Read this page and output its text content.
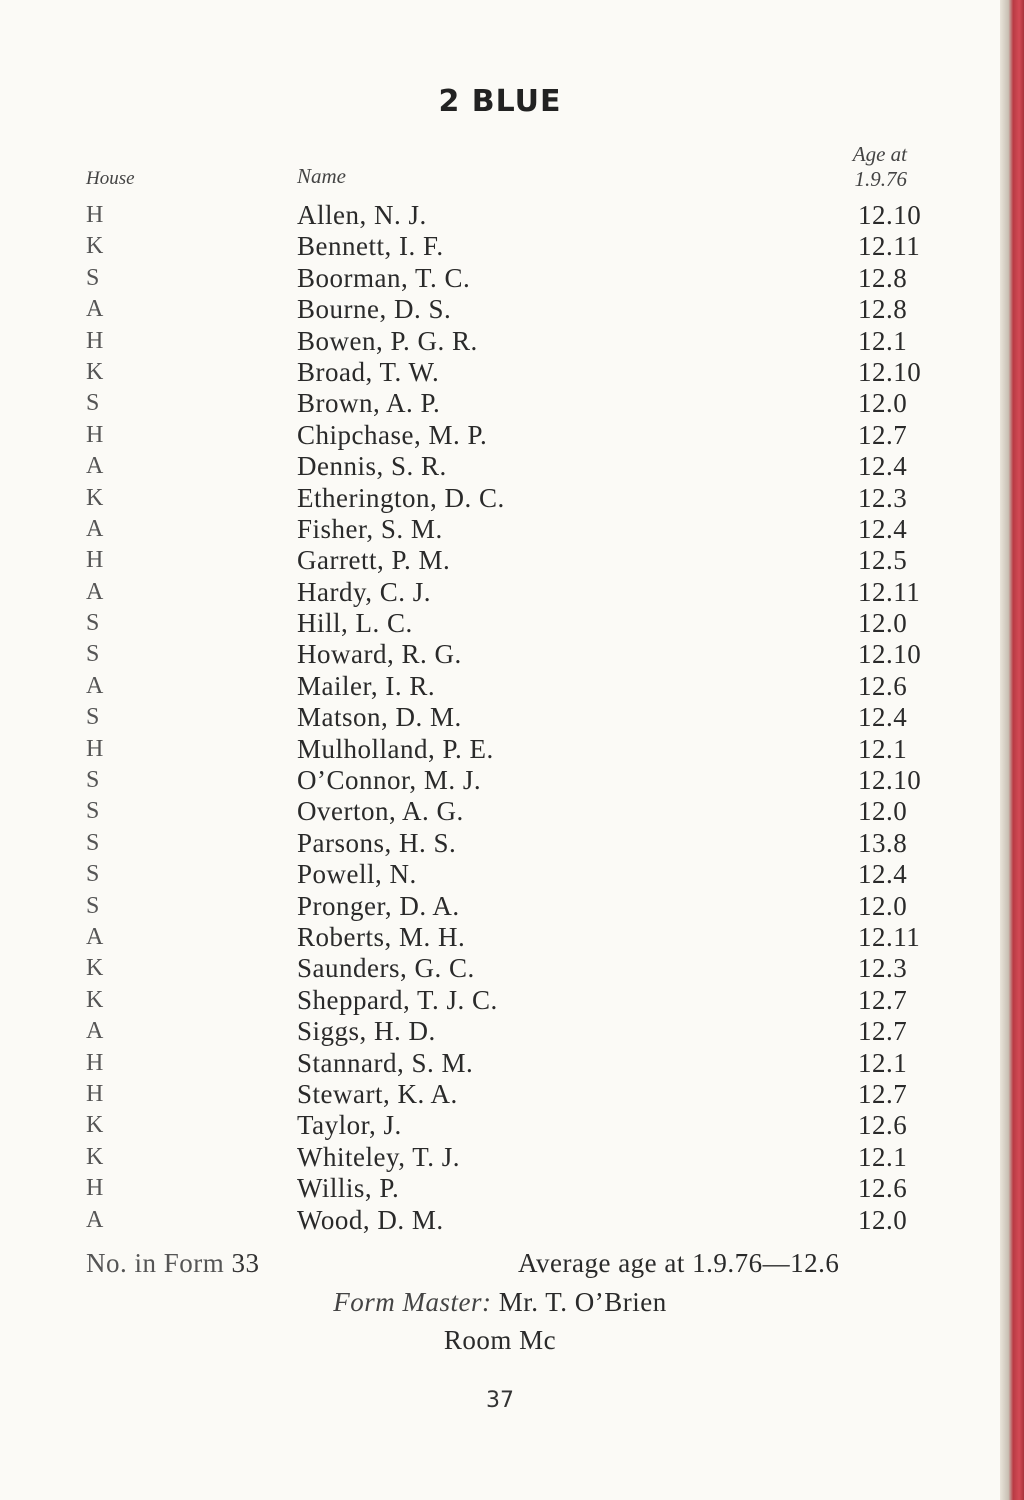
2 BLUE
House	Name
Age at
1.9.76
H	Allen, N. J.	12.10
K	Bennett, I. F.	12.11
S	Boorman, T. C.	12.8
A	Bourne, D. S.	12.8
H	Bowen, P. G. R.	12.1
K	Broad, T. W.	12.10
S	Brown, A. P.	12.0
H	Chipchase, M. P.	12.7
A	Dennis, S. R.	12.4
K	Etherington, D. C.	12.3
A	Fisher, S. M.	12.4
H	Garrett, P. M.	12.5
A	Hardy, C. J.	12.11
S	Hill, L. C.	12.0
S	Howard, R. G.	12.10
A	Mailer, I. R.	12.6
S	Matson, D. M.	12.4
H	Mulholland, P. E.	12.1
S	O’Connor, M. J.	12.10
S	Overton, A. G.	12.0
S	Parsons, H. S.	13.8
S	Powell, N.	12.4
S	Pronger, D. A.	12.0
A	Roberts, M. H.	12.11
K	Saunders, G. C.	12.3
K	Sheppard, T. J. C.	12.7
A	Siggs, H. D.	12.7
H	Stannard, S. M.	12.1
H	Stewart, K. A.	12.7
K	Taylor, J.	12.6
K	Whiteley, T. J.	12.1
H	Willis, P.	12.6
A	Wood, D. M.	12.0
No. in Form 33	Average age at 1.9.76—12.6
Form Master: Mr. T. O’Brien
Room Mc
37
